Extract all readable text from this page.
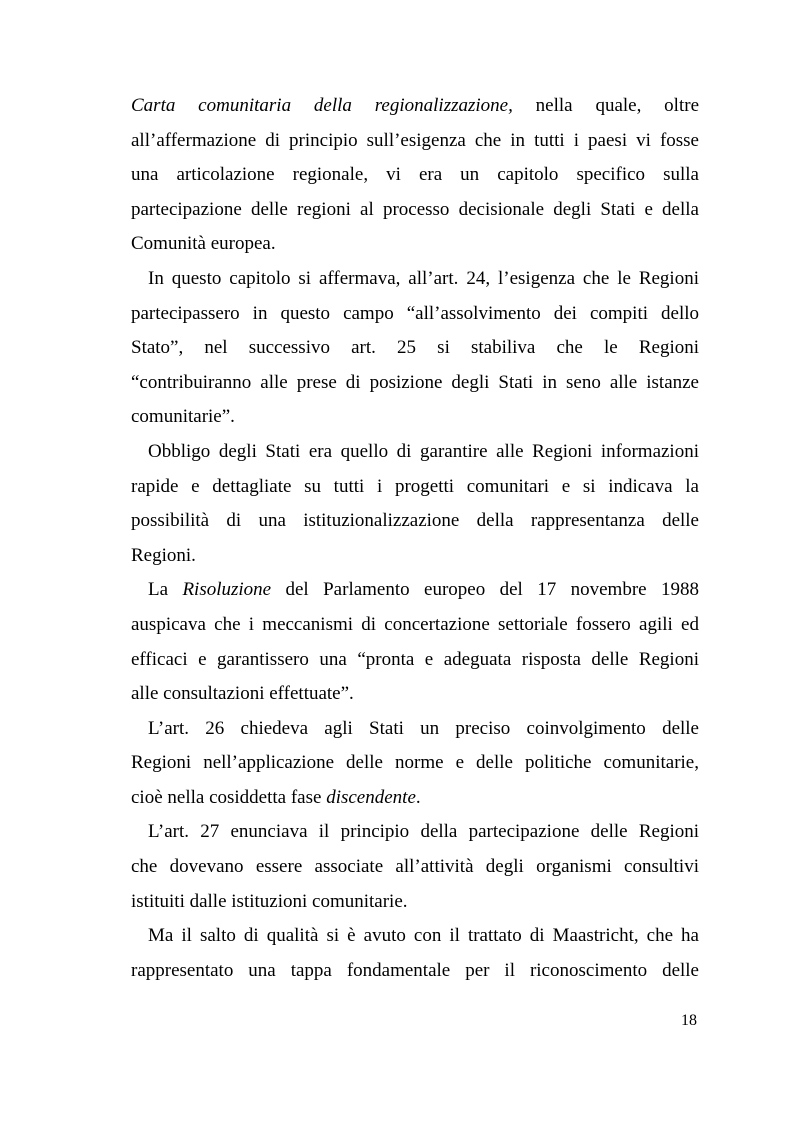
Carta comunitaria della regionalizzazione, nella quale, oltre
all’affermazione di principio sull’esigenza che in tutti i paesi vi fosse
una articolazione regionale, vi era un capitolo specifico sulla
partecipazione delle regioni al processo decisionale degli Stati e della
Comunità europea.
In questo capitolo si affermava, all’art. 24, l’esigenza che le Regioni
partecipassero in questo campo “all’assolvimento dei compiti dello
Stato”, nel successivo art. 25 si stabiliva che le Regioni
“contribuiranno alle prese di posizione degli Stati in seno alle istanze
comunitarie”.
Obbligo degli Stati era quello di garantire alle Regioni informazioni
rapide e dettagliate su tutti i progetti comunitari e si indicava la
possibilità di una istituzionalizzazione della rappresentanza delle
Regioni.
La Risoluzione del Parlamento europeo del 17 novembre 1988
auspicava che i meccanismi di concertazione settoriale fossero agili ed
efficaci e garantissero una “pronta e adeguata risposta delle Regioni
alle consultazioni effettuate”.
L’art. 26 chiedeva agli Stati un preciso coinvolgimento delle
Regioni nell’applicazione delle norme e delle politiche comunitarie,
cioè nella cosiddetta fase discendente.
L’art. 27 enunciava il principio della partecipazione delle Regioni
che dovevano essere associate all’attività degli organismi consultivi
istituiti dalle istituzioni comunitarie.
Ma il salto di qualità si è avuto con il trattato di Maastricht, che ha
rappresentato una tappa fondamentale per il riconoscimento delle
18
